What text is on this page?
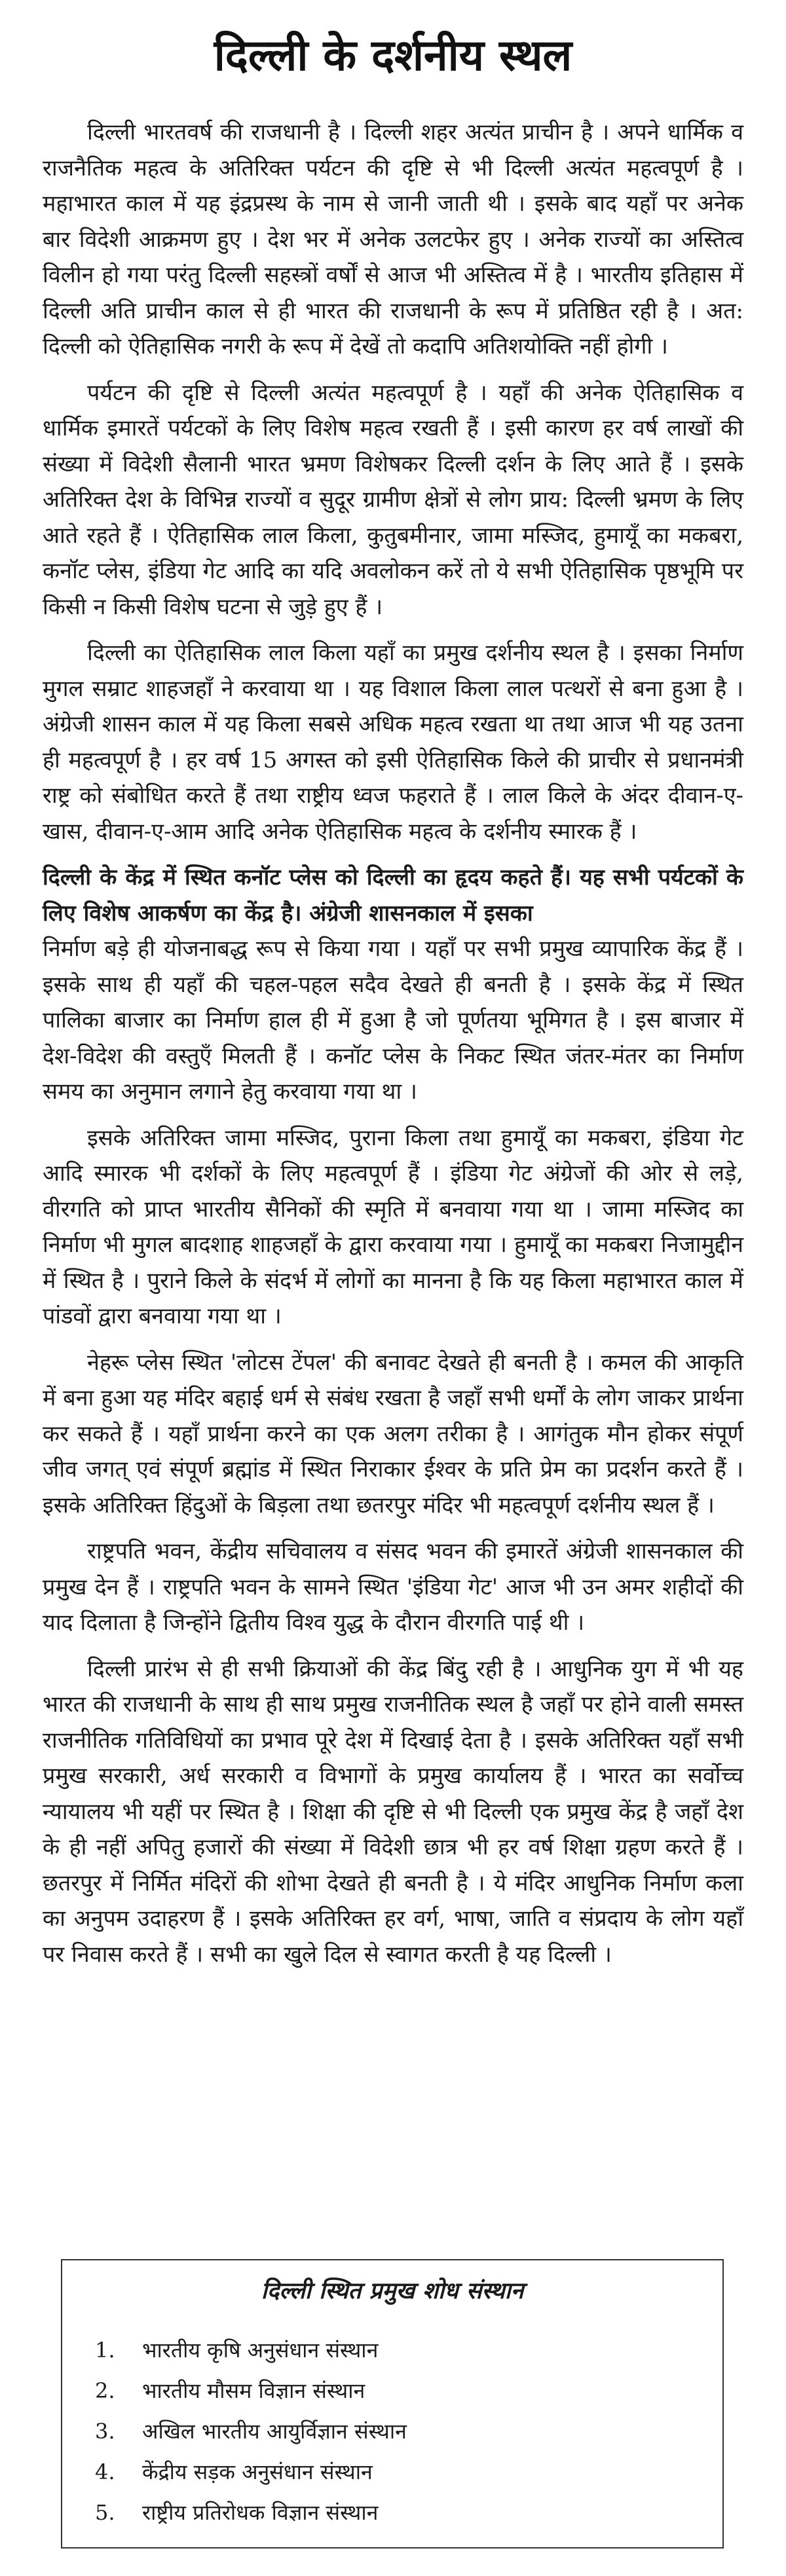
दिल्ली के दर्शनीय स्थल

दिल्ली भारतवर्ष की राजधानी है । दिल्ली शहर अत्यंत प्राचीन है । अपने धार्मिक व राजनैतिक महत्व के अतिरिक्त पर्यटन की दृष्टि से भी दिल्ली अत्यंत महत्वपूर्ण है । महाभारत काल में यह इंद्रप्रस्थ के नाम से जानी जाती थी । इसके बाद यहाँ पर अनेक बार विदेशी आक्रमण हुए । देश भर में अनेक उलटफेर हुए । अनेक राज्यों का अस्तित्व विलीन हो गया परंतु दिल्ली सहस्त्रों वर्षों से आज भी अस्तित्व में है । भारतीय इतिहास में दिल्ली अति प्राचीन काल से ही भारत की राजधानी के रूप में प्रतिष्ठित रही है । अत: दिल्ली को ऐतिहासिक नगरी के रूप में देखें तो कदापि अतिशयोक्ति नहीं होगी ।

पर्यटन की दृष्टि से दिल्ली अत्यंत महत्वपूर्ण है । यहाँ की अनेक ऐतिहासिक व धार्मिक इमारतें पर्यटकों के लिए विशेष महत्व रखती हैं । इसी कारण हर वर्ष लाखों की संख्या में विदेशी सैलानी भारत भ्रमण विशेषकर दिल्ली दर्शन के लिए आते हैं । इसके अतिरिक्त देश के विभिन्न राज्यों व सुदूर ग्रामीण क्षेत्रों से लोग प्राय: दिल्ली भ्रमण के लिए आते रहते हैं । ऐतिहासिक लाल किला, कुतुबमीनार, जामा मस्जिद, हुमायूँ का मकबरा, कनॉट प्लेस, इंडिया गेट आदि का यदि अवलोकन करें तो ये सभी ऐतिहासिक पृष्ठभूमि पर किसी न किसी विशेष घटना से जुड़े हुए हैं ।

दिल्ली का ऐतिहासिक लाल किला यहाँ का प्रमुख दर्शनीय स्थल है । इसका निर्माण मुगल सम्राट शाहजहाँ ने करवाया था । यह विशाल किला लाल पत्थरों से बना हुआ है । अंग्रेजी शासन काल में यह किला सबसे अधिक महत्व रखता था तथा आज भी यह उतना ही महत्वपूर्ण है । हर वर्ष 15 अगस्त को इसी ऐतिहासिक किले की प्राचीर से प्रधानमंत्री राष्ट्र को संबोधित करते हैं तथा राष्ट्रीय ध्वज फहराते हैं । लाल किले के अंदर दीवान-ए-खास, दीवान-ए-आम आदि अनेक ऐतिहासिक महत्व के दर्शनीय स्मारक हैं ।

दिल्ली के केंद्र में स्थित कनॉट प्लेस को दिल्ली का हृदय कहते हैं। यह सभी पर्यटकों के लिए विशेष आकर्षण का केंद्र है। अंग्रेजी शासनकाल में इसका

निर्माण बड़े ही योजनाबद्ध रूप से किया गया । यहाँ पर सभी प्रमुख व्यापारिक केंद्र हैं । इसके साथ ही यहाँ की चहल-पहल सदैव देखते ही बनती है । इसके केंद्र में स्थित पालिका बाजार का निर्माण हाल ही में हुआ है जो पूर्णतया भूमिगत है । इस बाजार में देश-विदेश की वस्तुएँ मिलती हैं । कनॉट प्लेस के निकट स्थित जंतर-मंतर का निर्माण समय का अनुमान लगाने हेतु करवाया गया था ।

इसके अतिरिक्त जामा मस्जिद, पुराना किला तथा हुमायूँ का मकबरा, इंडिया गेट आदि स्मारक भी दर्शकों के लिए महत्वपूर्ण हैं । इंडिया गेट अंग्रेजों की ओर से लड़े, वीरगति को प्राप्त भारतीय सैनिकों की स्मृति में बनवाया गया था । जामा मस्जिद का निर्माण भी मुगल बादशाह शाहजहाँ के द्वारा करवाया गया । हुमायूँ का मकबरा निजामुद्दीन में स्थित है । पुराने किले के संदर्भ में लोगों का मानना है कि यह किला महाभारत काल में पांडवों द्वारा बनवाया गया था ।

नेहरू प्लेस स्थित 'लोटस टेंपल' की बनावट देखते ही बनती है । कमल की आकृति में बना हुआ यह मंदिर बहाई धर्म से संबंध रखता है जहाँ सभी धर्मों के लोग जाकर प्रार्थना कर सकते हैं । यहाँ प्रार्थना करने का एक अलग तरीका है । आगंतुक मौन होकर संपूर्ण जीव जगत् एवं संपूर्ण ब्रह्मांड में स्थित निराकार ईश्वर के प्रति प्रेम का प्रदर्शन करते हैं । इसके अतिरिक्त हिंदुओं के बिड़ला तथा छतरपुर मंदिर भी महत्वपूर्ण दर्शनीय स्थल हैं ।

राष्ट्रपति भवन, केंद्रीय सचिवालय व संसद भवन की इमारतें अंग्रेजी शासनकाल की प्रमुख देन हैं । राष्ट्रपति भवन के सामने स्थित 'इंडिया गेट' आज भी उन अमर शहीदों की याद दिलाता है जिन्होंने द्वितीय विश्व युद्ध के दौरान वीरगति पाई थी ।

दिल्ली प्रारंभ से ही सभी क्रियाओं की केंद्र बिंदु रही है । आधुनिक युग में भी यह भारत की राजधानी के साथ ही साथ प्रमुख राजनीतिक स्थल है जहाँ पर होने वाली समस्त राजनीतिक गतिविधियों का प्रभाव पूरे देश में दिखाई देता है । इसके अतिरिक्त यहाँ सभी प्रमुख सरकारी, अर्ध सरकारी व विभागों के प्रमुख कार्यालय हैं । भारत का सर्वोच्च न्यायालय भी यहीं पर स्थित है । शिक्षा की दृष्टि से भी दिल्ली एक प्रमुख केंद्र है जहाँ देश के ही नहीं अपितु हजारों की संख्या में विदेशी छात्र भी हर वर्ष शिक्षा ग्रहण करते हैं । छतरपुर में निर्मित मंदिरों की शोभा देखते ही बनती है । ये मंदिर आधुनिक निर्माण कला का अनुपम उदाहरण हैं । इसके अतिरिक्त हर वर्ग, भाषा, जाति व संप्रदाय के लोग यहाँ पर निवास करते हैं । सभी का खुले दिल से स्वागत करती है यह दिल्ली ।

दिल्ली स्थित प्रमुख शोध संस्थान
1.	भारतीय कृषि अनुसंधान संस्थान
2.	भारतीय मौसम विज्ञान संस्थान
3.	अखिल भारतीय आयुर्विज्ञान संस्थान
4.	केंद्रीय सड़क अनुसंधान संस्थान
5.	राष्ट्रीय प्रतिरोधक विज्ञान संस्थान
